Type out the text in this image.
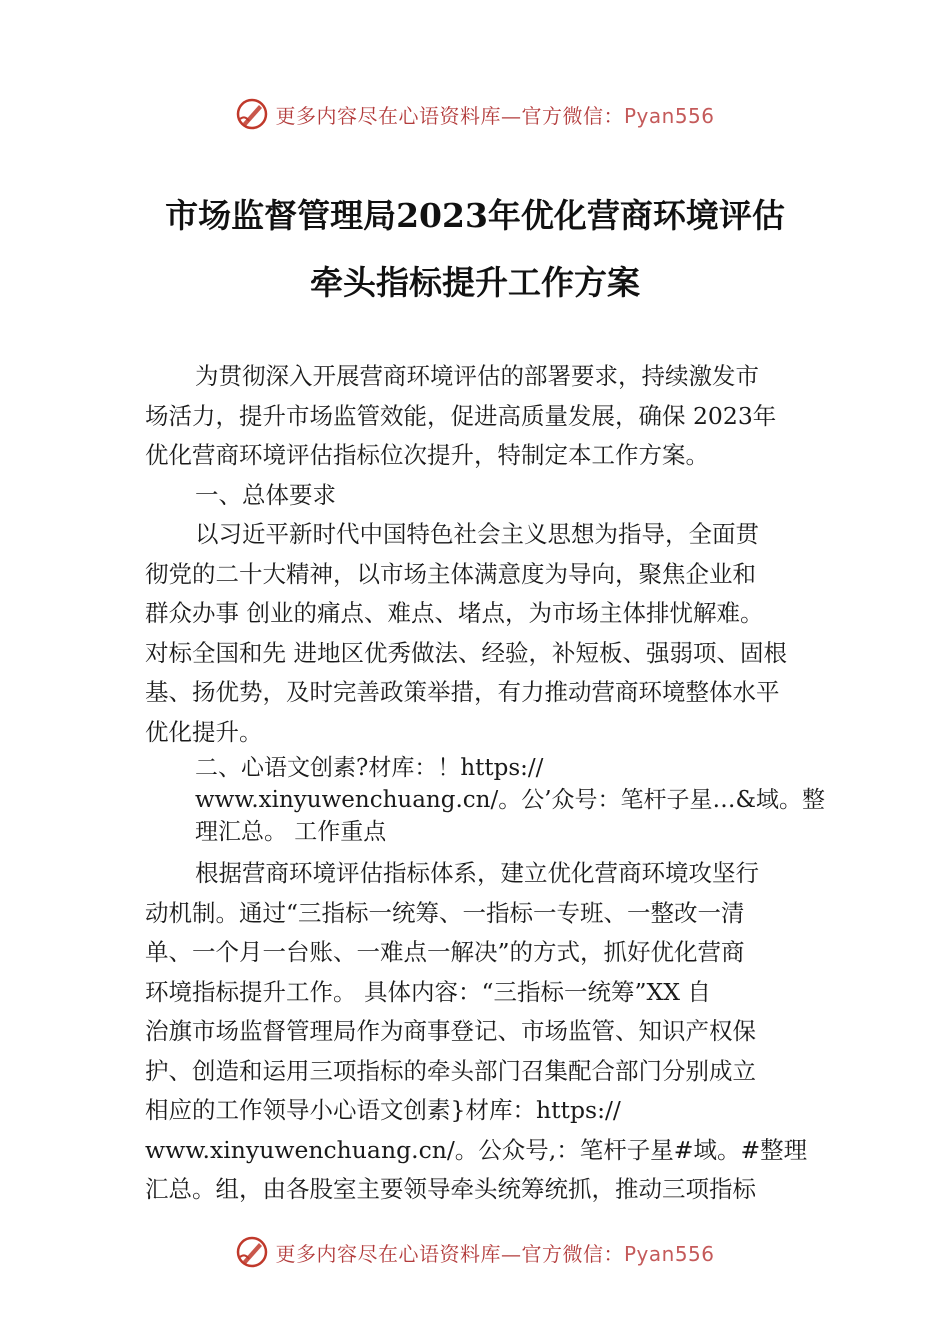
更多内容尽在心语资料库—官方微信：Pyan556
市场监督管理局2023年优化营商环境评估
牵头指标提升工作方案
为贯彻深入开展营商环境评估的部署要求，持续激发市
场活力，提升市场监管效能，促进高质量发展，确保 2023年
优化营商环境评估指标位次提升，特制定本工作方案。
一、总体要求
以习近平新时代中国特色社会主义思想为指导，全面贯
彻党的二十大精神，以市场主体满意度为导向，聚焦企业和
群众办事 创业的痛点、难点、堵点，为市场主体排忧解难。
对标全国和先 进地区优秀做法、经验，补短板、强弱项、固根
基、扬优势，及时完善政策举措，有力推动营商环境整体水平
优化提升。
二、心语文创素?材库：！https://
www.xinyuwenchuang.cn/。公’众号：笔杆子星…&域。整
理汇总。 工作重点
根据营商环境评估指标体系，建立优化营商环境攻坚行
动机制。通过“三指标一统筹、一指标一专班、一整改一清
单、一个月一台账、一难点一解决”的方式，抓好优化营商
环境指标提升工作。 具体内容：“三指标一统筹”XX 自
治旗市场监督管理局作为商事登记、市场监管、知识产权保
护、创造和运用三项指标的牵头部门召集配合部门分别成立
相应的工作领导小心语文创素}材库：https://
www.xinyuwenchuang.cn/。公众号,：笔杆子星#域。#整理
汇总。组，由各股室主要领导牵头统筹统抓，推动三项指标
更多内容尽在心语资料库—官方微信：Pyan556
